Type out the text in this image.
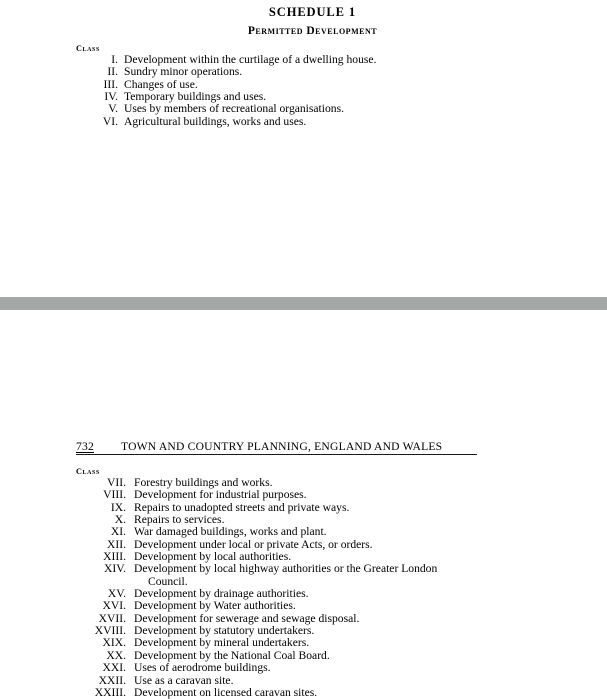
SCHEDULE 1
Permitted Development
Class
I. Development within the curtilage of a dwelling house.
II. Sundry minor operations.
III. Changes of use.
IV. Temporary buildings and uses.
V. Uses by members of recreational organisations.
VI. Agricultural buildings, works and uses.
732 TOWN AND COUNTRY PLANNING, ENGLAND AND WALES
Class
VII. Forestry buildings and works.
VIII. Development for industrial purposes.
IX. Repairs to unadopted streets and private ways.
X. Repairs to services.
XI. War damaged buildings, works and plant.
XII. Development under local or private Acts, or orders.
XIII. Development by local authorities.
XIV. Development by local highway authorities or the Greater London
Council.
XV. Development by drainage authorities.
XVI. Development by Water authorities.
XVII. Development for sewerage and sewage disposal.
XVIII. Development by statutory undertakers.
XIX. Development by mineral undertakers.
XX. Development by the National Coal Board.
XXI. Uses of aerodrome buildings.
XXII. Use as a caravan site.
XXIII. Development on licensed caravan sites.
